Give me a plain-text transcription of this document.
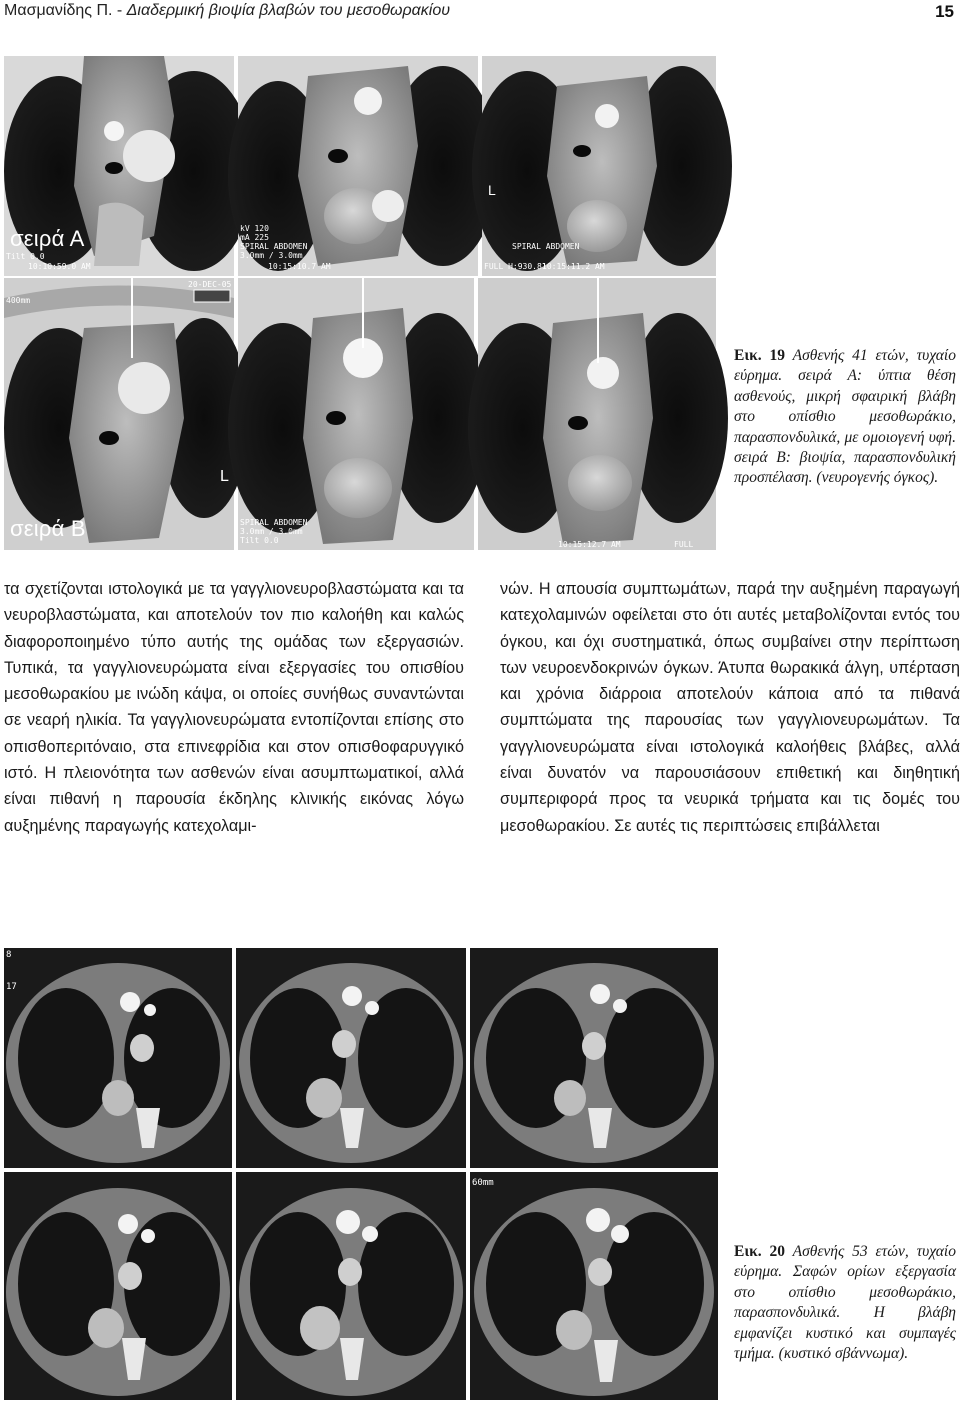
Μασμανίδης Π. - Διαδερμική βιοψία βλαβών του μεσοθωρακίου	15
σειρά Α
10:10:59.0 AM
Tilt 0.0
kV 120
mA 225
SPIRAL ABDOMEN
3.0mm / 3.0mm
10:15:10.7 AM
L
SPIRAL ABDOMEN
FULL H:930.81
10:15:11.2 AM
20-DEC-05
400mm
L
σειρά Β	SPIRAL ABDOMEN
3.0mm / 3.0mm
Tilt 0.0	FULL H:94
10:15:12.7 AM
Εικ. 19 Ασθενής 41 ετών, τυχαίο εύρημα. σειρά Α: ύπτια θέση ασθενούς, μικρή σφαιρική βλάβη στο οπίσθιο μεσοθωράκιο, παρασπονδυλικά, με ομοιογενή υφή. σειρά Β: βιοψία, παρασπονδυλική προσπέλαση. (νευρογενής όγκος).

τα σχετίζονται ιστολογικά με τα γαγγλιονευροβλαστώματα και τα νευροβλαστώματα, και αποτελούν τον πιο καλοήθη και καλώς διαφοροποιημένο τύπο αυτής της ομάδας των εξεργασιών. Τυπικά, τα γαγγλιονευρώματα είναι εξεργασίες του οπισθίου μεσοθωρακίου με ινώδη κάψα, οι οποίες συνήθως συναντώνται σε νεαρή ηλικία. Τα γαγγλιονευρώματα εντοπίζονται επίσης στο οπισθοπεριτόναιο, στα επινεφρίδια και στον οπισθοφαρυγγικό ιστό. Η πλειονότητα των ασθενών είναι ασυμπτωματικοί, αλλά είναι πιθανή η παρουσία έκδηλης κλινικής εικόνας λόγω αυξημένης παραγωγής κατεχολαμι-

νών. Η απουσία συμπτωμάτων, παρά την αυξημένη παραγωγή κατεχολαμινών οφείλεται στο ότι αυτές μεταβολίζονται εντός του όγκου, και όχι συστηματικά, όπως συμβαίνει στην περίπτωση των νευροενδοκρινών όγκων. Άτυπα θωρακικά άλγη, υπέρταση και χρόνια διάρροια αποτελούν κάποια από τα πιθανά συμπτώματα της παρουσίας των γαγγλιονευρωμάτων. Τα γαγγλιονευρώματα είναι ιστολογικά καλοήθεις βλάβες, αλλά είναι δυνατόν να παρουσιάσουν επιθετική και διηθητική συμπεριφορά προς τα νευρικά τρήματα και τις δομές του μεσοθωρακίου. Σε αυτές τις περιπτώσεις επιβάλλεται

8
17
60mm
Εικ. 20 Ασθενής 53 ετών, τυχαίο εύρημα. Σαφών ορίων εξεργασία στο οπίσθιο μεσοθωράκιο, παρασπονδυλικά. Η βλάβη εμφανίζει κυστικό και συμπαγές τμήμα. (κυστικό σβάννωμα).
